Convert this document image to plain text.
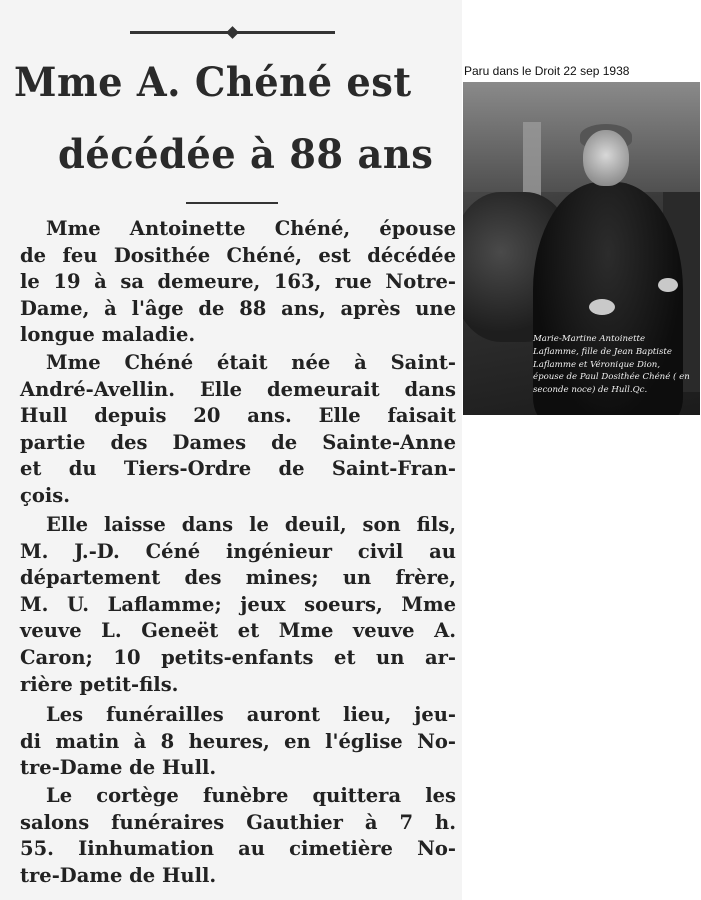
Mme A. Chéné est
décédée à 88 ans
Mme Antoinette Chéné, épouse
de feu Dosithée Chéné, est décédée
le 19 à sa demeure, 163, rue Notre-
Dame, à l'âge de 88 ans, après une
longue maladie.
Mme Chéné était née à Saint-
André-Avellin. Elle demeurait dans
Hull depuis 20 ans. Elle faisait
partie des Dames de Sainte-Anne
et du Tiers-Ordre de Saint-Fran-
çois.
Elle laisse dans le deuil, son fils,
M. J.-D. Céné ingénieur civil au
département des mines; un frère,
M. U. Laflamme; jeux soeurs, Mme
veuve L. Geneët et Mme veuve A.
Caron; 10 petits-enfants et un ar-
rière petit-fils.
Les funérailles auront lieu, jeu-
di matin à 8 heures, en l'église No-
tre-Dame de Hull.
Le cortège funèbre quittera les
salons funéraires Gauthier à 7 h.
55. Iinhumation au cimetière No-
tre-Dame de Hull.
Paru dans le Droit 22 sep 1938
Marie-Martine Antoinette
Laflamme, fille de Jean Baptiste
Laflamme et Véronique Dion,
épouse de Paul Dosithée Chéné ( en
seconde noce) de Hull.Qc.
